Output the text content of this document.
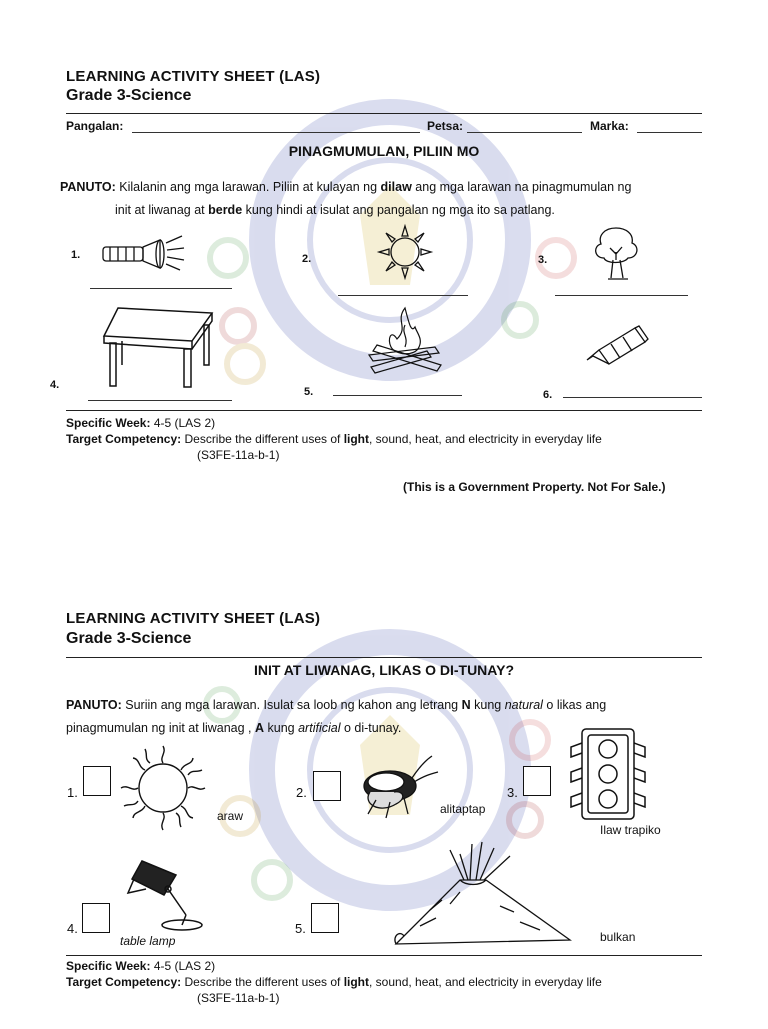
LEARNING ACTIVITY SHEET (LAS)
Grade 3-Science
Pangalan:	Petsa:	Marka:
PINAGMUMULAN, PILIIN MO
PANUTO: Kilalanin ang mga larawan. Piliin at kulayan ng dilaw ang mga larawan na pinagmumulan ng
init at liwanag at berde kung hindi at isulat ang pangalan ng mga ito sa patlang.
1.	2.	3.
4.
5.	6.
Specific Week: 4-5 (LAS 2)
Target Competency: Describe the different uses of light, sound, heat, and electricity in everyday life
(S3FE-11a-b-1)
(This is a Government Property. Not For Sale.)
LEARNING ACTIVITY SHEET (LAS)
Grade 3-Science
INIT AT LIWANAG, LIKAS O DI-TUNAY?
PANUTO: Suriin ang mga larawan. Isulat sa loob ng kahon ang letrang N kung natural o likas ang
pinagmumulan ng init at liwanag , A kung artificial o di-tunay.
1.	2.	3.
4.	5.
araw	alitaptap
Ilaw trapiko
table lamp	bulkan
Specific Week: 4-5 (LAS 2)
Target Competency: Describe the different uses of light, sound, heat, and electricity in everyday life
(S3FE-11a-b-1)
